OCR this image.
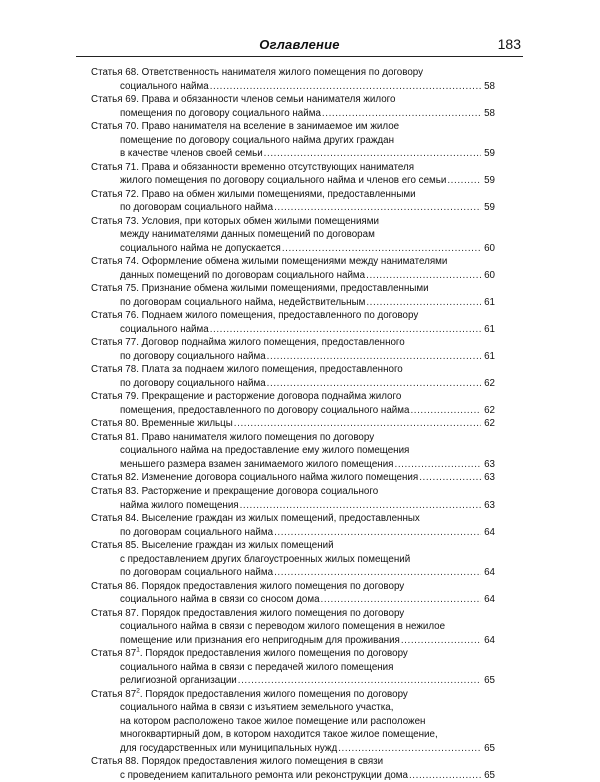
Оглавление	183
Статья 68. Ответственность нанимателя жилого помещения по договору
социального найма .....	58
Статья 69. Права и обязанности членов семьи нанимателя жилого
помещения по договору социального найма .....	58
Статья 70. Право нанимателя на вселение в занимаемое им жилое
помещение по договору социального найма других граждан
в качестве членов своей семьи .....	59
Статья 71. Права и обязанности временно отсутствующих нанимателя
жилого помещения по договору социального найма и членов его семьи .....	59
Статья 72. Право на обмен жилыми помещениями, предоставленными
по договорам социального найма .....	59
Статья 73. Условия, при которых обмен жилыми помещениями
между нанимателями данных помещений по договорам
социального найма не допускается .....	60
Статья 74. Оформление обмена жилыми помещениями между нанимателями
данных помещений по договорам социального найма .....	60
Статья 75. Признание обмена жилыми помещениями, предоставленными
по договорам социального найма, недействительным .....	61
Статья 76. Поднаем жилого помещения, предоставленного по договору
социального найма .....	61
Статья 77. Договор поднайма жилого помещения, предоставленного
по договору социального найма .....	61
Статья 78. Плата за поднаем жилого помещения, предоставленного
по договору социального найма .....	62
Статья 79. Прекращение и расторжение договора поднайма жилого
помещения, предоставленного по договору социального найма .....	62
Статья 80. Временные жильцы .....	62
Статья 81. Право нанимателя жилого помещения по договору
социального найма на предоставление ему жилого помещения
меньшего размера взамен занимаемого жилого помещения .....	63
Статья 82. Изменение договора социального найма жилого помещения .....	63
Статья 83. Расторжение и прекращение договора социального
найма жилого помещения .....	63
Статья 84. Выселение граждан из жилых помещений, предоставленных
по договорам социального найма .....	64
Статья 85. Выселение граждан из жилых помещений
с предоставлением других благоустроенных жилых помещений
по договорам социального найма .....	64
Статья 86. Порядок предоставления жилого помещения по договору
социального найма в связи со сносом дома .....	64
Статья 87. Порядок предоставления жилого помещения по договору
социального найма в связи с переводом жилого помещения в нежилое
помещение или признания его непригодным для проживания .....	64
Статья $87^1$. Порядок предоставления жилого помещения по договору
социального найма в связи с передачей жилого помещения
религиозной организации .....	65
Статья $87^2$. Порядок предоставления жилого помещения по договору
социального найма в связи с изъятием земельного участка,
на котором расположено такое жилое помещение или расположен
многоквартирный дом, в котором находится такое жилое помещение,
для государственных или муниципальных нужд .....	65
Статья 88. Порядок предоставления жилого помещения в связи
с проведением капитального ремонта или реконструкции дома .....	65
